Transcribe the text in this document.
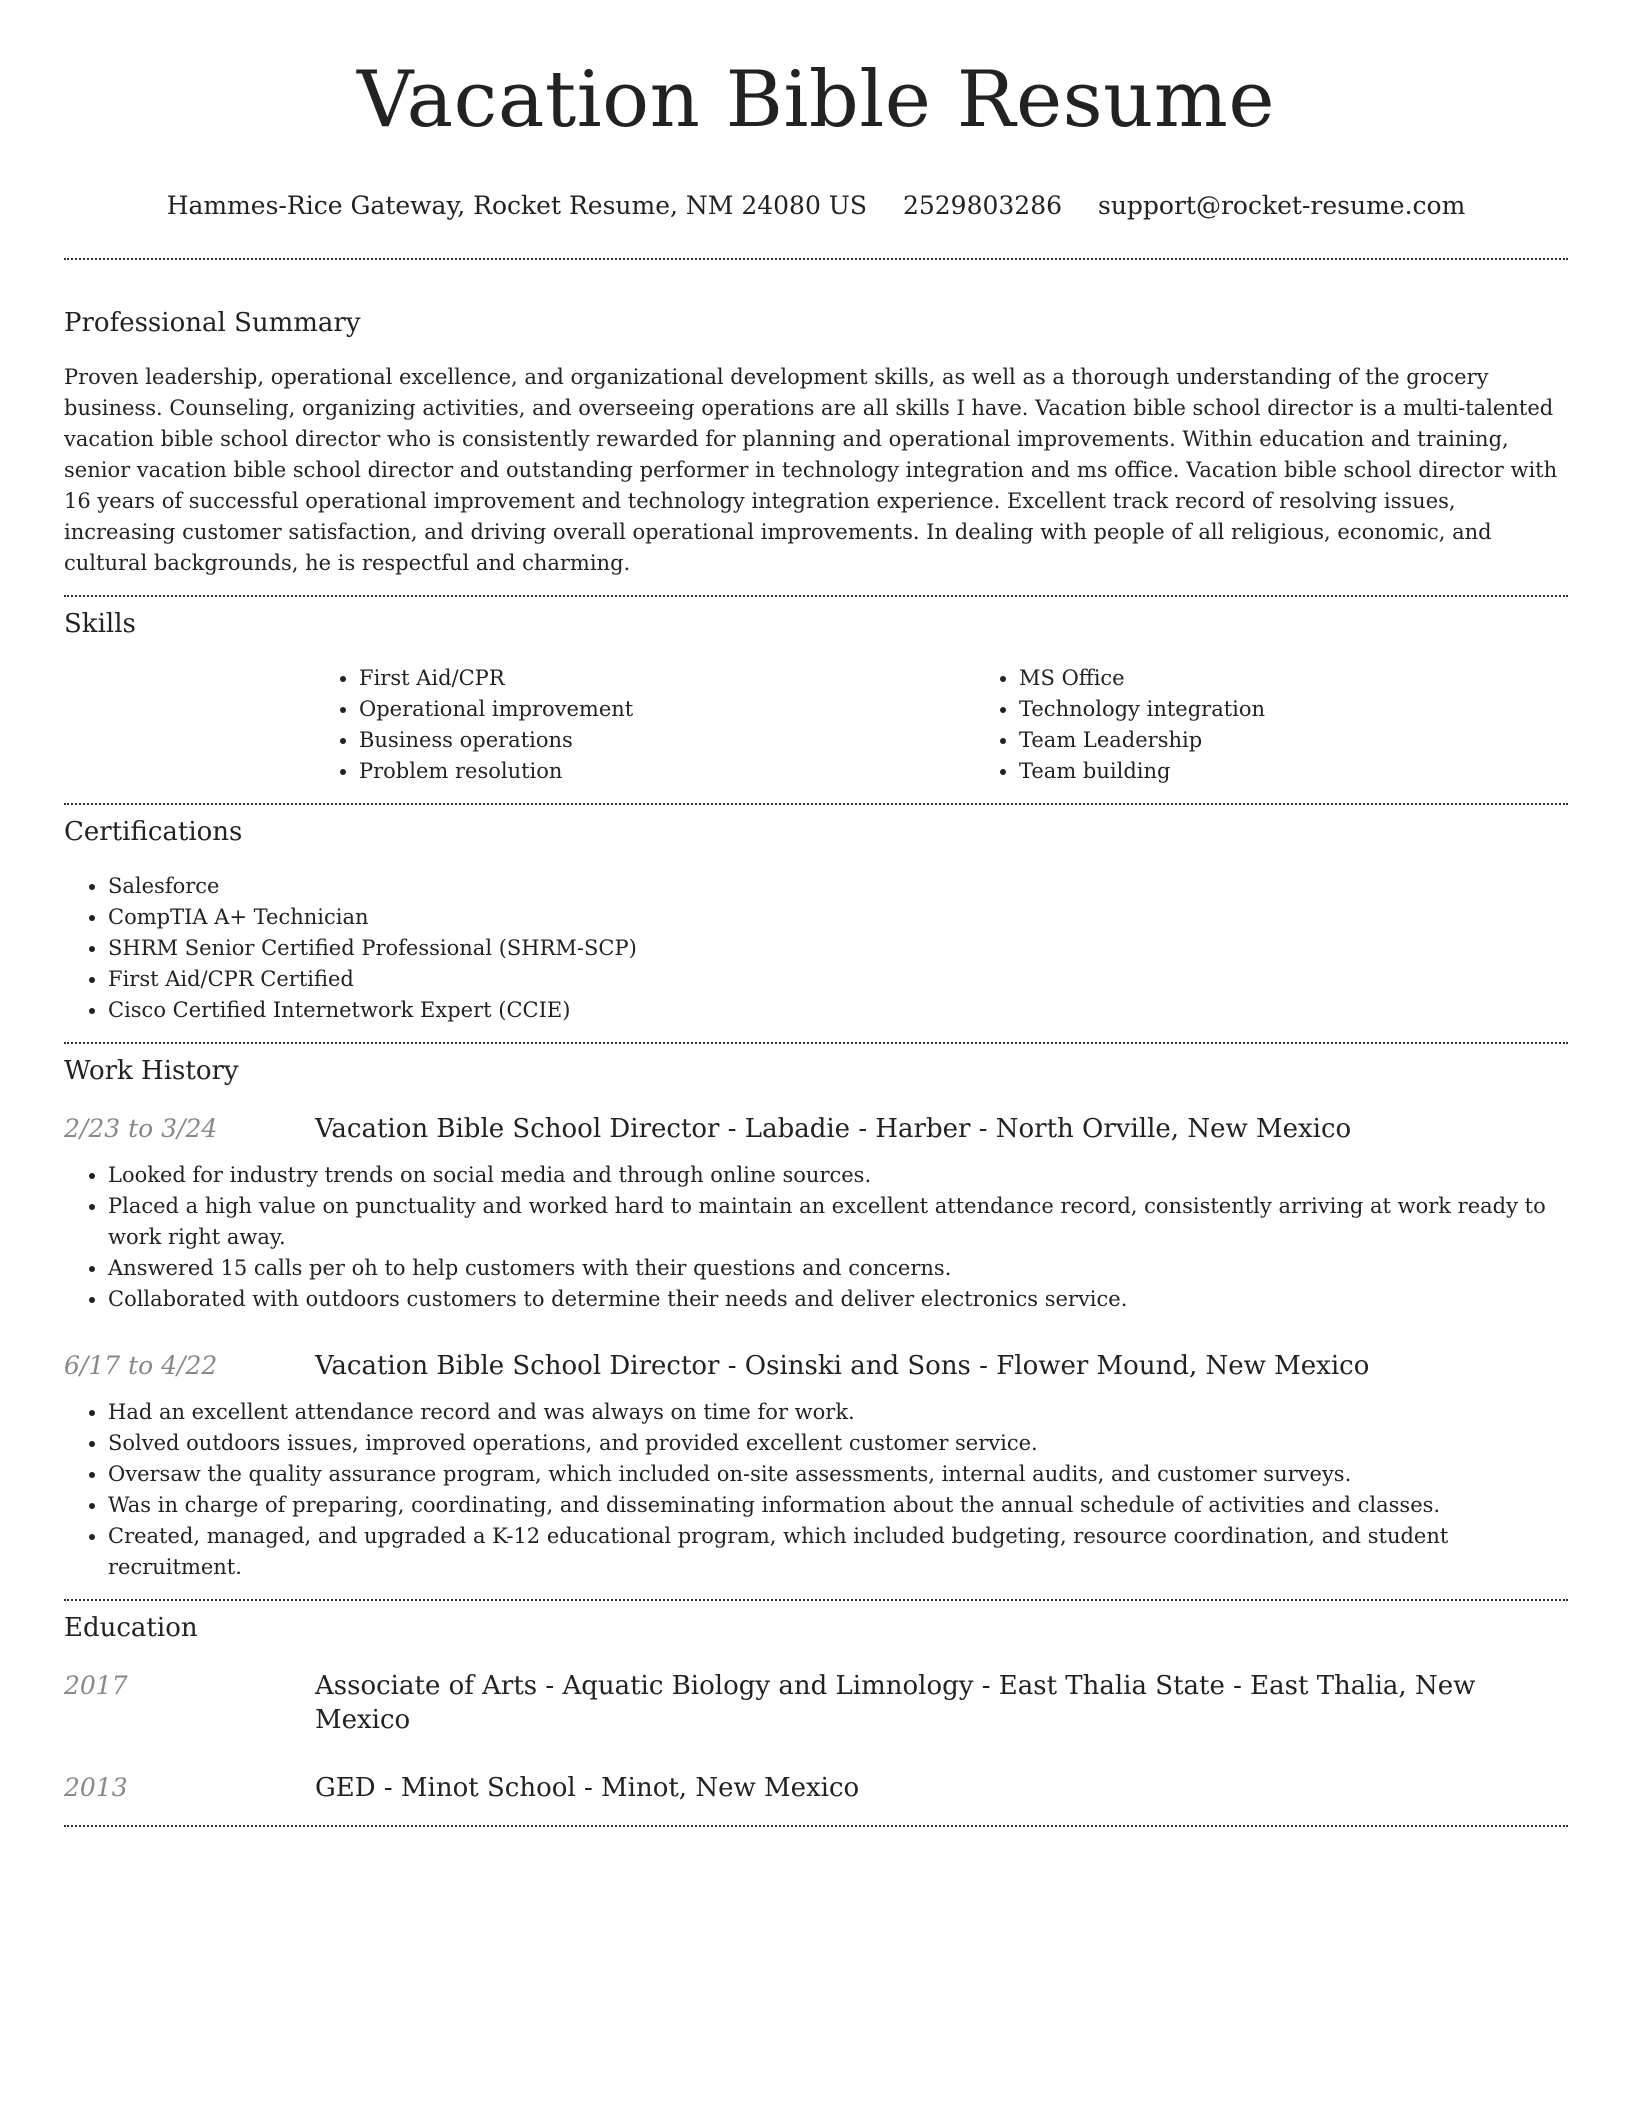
Vacation Bible Resume
Hammes-Rice Gateway, Rocket Resume, NM 24080 US 2529803286 support@rocket-resume.com
Professional Summary

Proven leadership, operational excellence, and organizational development skills, as well as a thorough understanding of the grocery business. Counseling, organizing activities, and overseeing operations are all skills I have. Vacation bible school director is a multi-talented vacation bible school director who is consistently rewarded for planning and operational improvements. Within education and training, senior vacation bible school director and outstanding performer in technology integration and ms office. Vacation bible school director with 16 years of successful operational improvement and technology integration experience. Excellent track record of resolving issues, increasing customer satisfaction, and driving overall operational improvements. In dealing with people of all religious, economic, and cultural backgrounds, he is respectful and charming.

Skills
• First Aid/CPR
• Operational improvement
• Business operations
• Problem resolution
• MS Office
• Technology integration
• Team Leadership
• Team building
Certifications
• Salesforce
• CompTIA A+ Technician
• SHRM Senior Certified Professional (SHRM-SCP)
• First Aid/CPR Certified
• Cisco Certified Internetwork Expert (CCIE)
Work History
2/23 to 3/24	Vacation Bible School Director - Labadie - Harber - North Orville, New Mexico
• Looked for industry trends on social media and through online sources.
• Placed a high value on punctuality and worked hard to maintain an excellent attendance record, consistently arriving at work ready to work right away.
• Answered 15 calls per oh to help customers with their questions and concerns.
• Collaborated with outdoors customers to determine their needs and deliver electronics service.
6/17 to 4/22	Vacation Bible School Director - Osinski and Sons - Flower Mound, New Mexico
• Had an excellent attendance record and was always on time for work.
• Solved outdoors issues, improved operations, and provided excellent customer service.
• Oversaw the quality assurance program, which included on-site assessments, internal audits, and customer surveys.
• Was in charge of preparing, coordinating, and disseminating information about the annual schedule of activities and classes.
• Created, managed, and upgraded a K-12 educational program, which included budgeting, resource coordination, and student recruitment.
Education
2017	Associate of Arts - Aquatic Biology and Limnology - East Thalia State - East Thalia, New Mexico
2013	GED - Minot School - Minot, New Mexico
